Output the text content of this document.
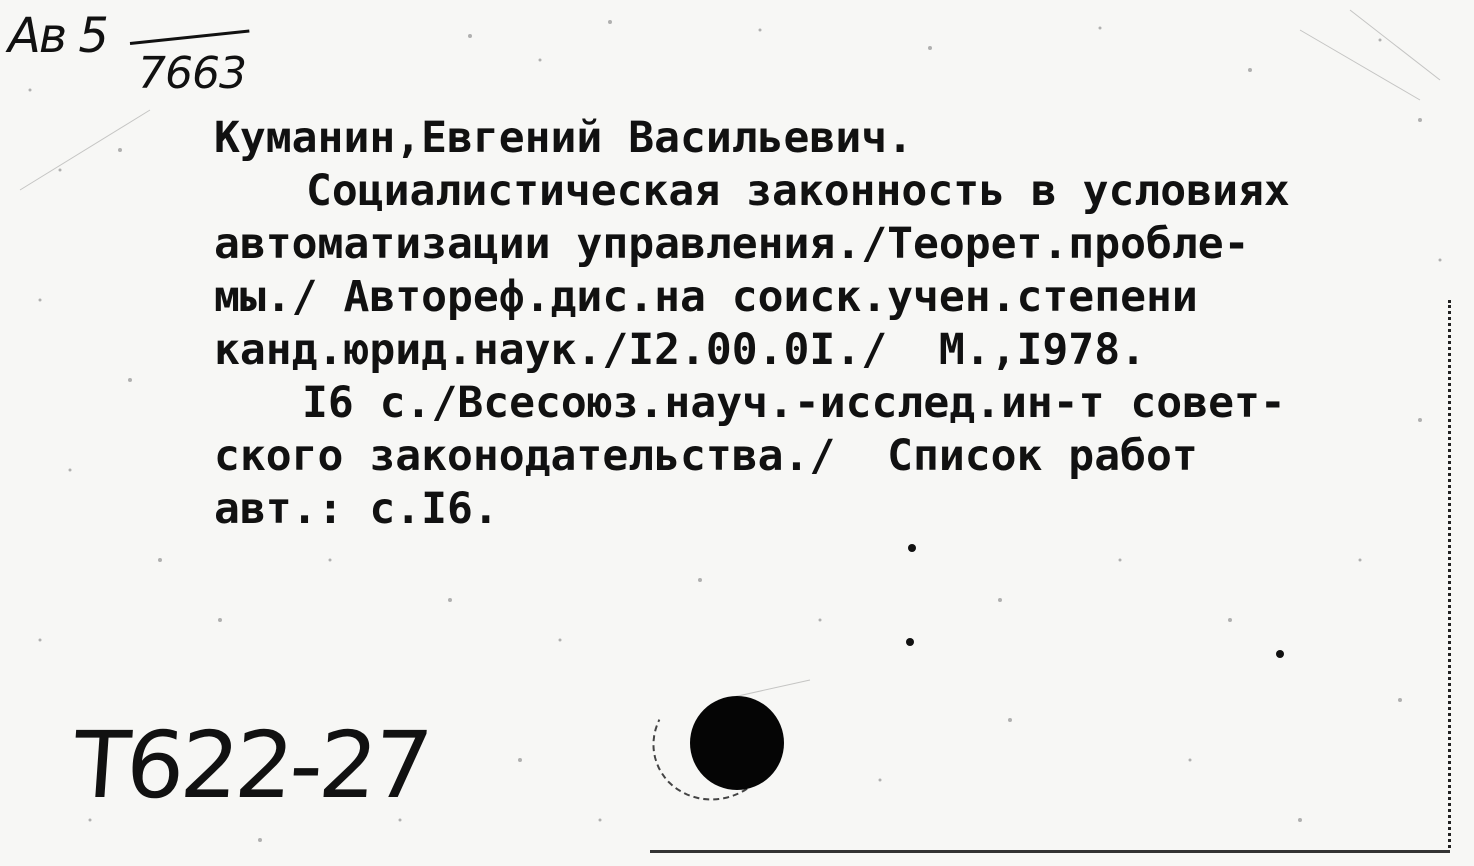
Ав 5
7663
Куманин,Евгений Васильевич.
Социалистическая законность в условиях
автоматизации управления./Теорет.пробле-
мы./ Автореф.дис.на соиск.учен.степени
канд.юрид.наук./I2.00.0I./  М.,I978.
I6 с./Всесоюз.науч.-исслед.ин-т совет-
ского законодательства./  Список работ
авт.: с.I6.
T622-27
